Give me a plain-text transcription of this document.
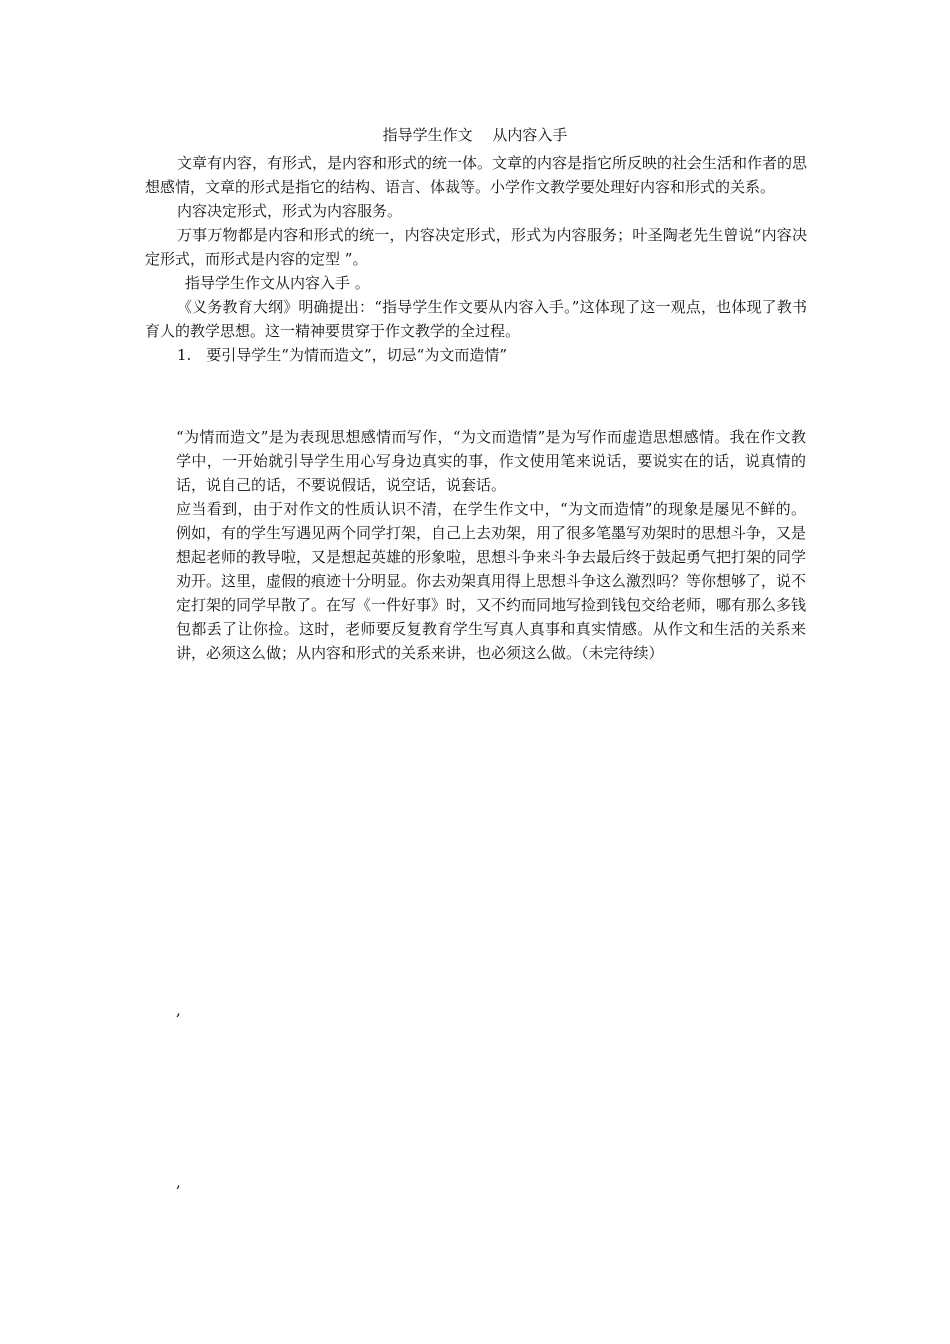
指导学生作文　 从内容入手

文章有内容，有形式，是内容和形式的统一体。文章的内容是指它所反映的社会生活和作者的思想感情，文章的形式是指它的结构、语言、体裁等。小学作文教学要处理好内容和形式的关系。

内容决定形式，形式为内容服务。

万事万物都是内容和形式的统一，内容决定形式，形式为内容服务；叶圣陶老先生曾说“内容决定形式，而形式是内容的定型 ”。

指导学生作文从内容入手 。

《义务教育大纲》明确提出：“指导学生作文要从内容入手。”这体现了这一观点，也体现了教书育人的教学思想。这一精神要贯穿于作文教学的全过程。

1.　要引导学生“为情而造文”，切忌“为文而造情”

“为情而造文”是为表现思想感情而写作，“为文而造情”是为写作而虚造思想感情。我在作文教学中，一开始就引导学生用心写身边真实的事，作文使用笔来说话，要说实在的话，说真情的话，说自己的话，不要说假话，说空话，说套话。

应当看到，由于对作文的性质认识不清，在学生作文中，“为文而造情”的现象是屡见不鲜的。例如，有的学生写遇见两个同学打架，自己上去劝架，用了很多笔墨写劝架时的思想斗争，又是想起老师的教导啦，又是想起英雄的形象啦，思想斗争来斗争去最后终于鼓起勇气把打架的同学 劝开。这里，虚假的痕迹十分明显。你去劝架真用得上思想斗争这么激烈吗？等你想够了，说不定打架的同学早散了。在写《一件好事》时，又不约而同地写捡到钱包交给老师，哪有那么多钱包都丢了让你捡。这时，老师要反复教育学生写真人真事和真实情感。从作文和生活的关系来讲，必须这么做；从内容和形式的关系来讲，也必须这么做。（未完待续）

,
,
